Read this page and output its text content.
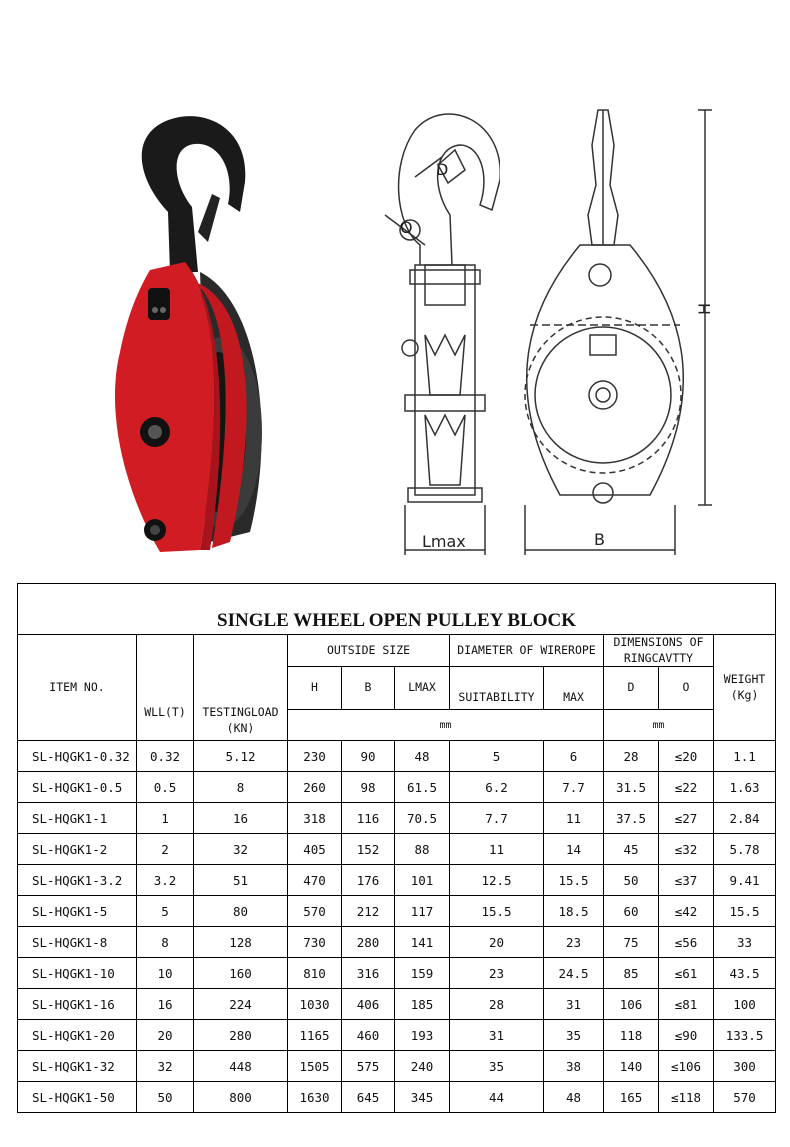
Lmax
D
O
B
H
SINGLE WHEEL OPEN PULLEY BLOCK										
ITEM NO.	WLL(T)	TESTINGLOAD (KN)	OUTSIDE SIZE			DIAMETER OF WIREROPE		DIMENSIONS OF RINGCAVTTY		WEIGHT (Kg)
			H	B	LMAX	SUITABILITY	MAX	D	O	
			mm					mm		
SL-HQGK1-0.32	0.32	5.12	230	90	48	5	6	28	≤20	1.1
SL-HQGK1-0.5	0.5	8	260	98	61.5	6.2	7.7	31.5	≤22	1.63
SL-HQGK1-1	1	16	318	116	70.5	7.7	11	37.5	≤27	2.84
SL-HQGK1-2	2	32	405	152	88	11	14	45	≤32	5.78
SL-HQGK1-3.2	3.2	51	470	176	101	12.5	15.5	50	≤37	9.41
SL-HQGK1-5	5	80	570	212	117	15.5	18.5	60	≤42	15.5
SL-HQGK1-8	8	128	730	280	141	20	23	75	≤56	33
SL-HQGK1-10	10	160	810	316	159	23	24.5	85	≤61	43.5
SL-HQGK1-16	16	224	1030	406	185	28	31	106	≤81	100
SL-HQGK1-20	20	280	1165	460	193	31	35	118	≤90	133.5
SL-HQGK1-32	32	448	1505	575	240	35	38	140	≤106	300
SL-HQGK1-50	50	800	1630	645	345	44	48	165	≤118	570
